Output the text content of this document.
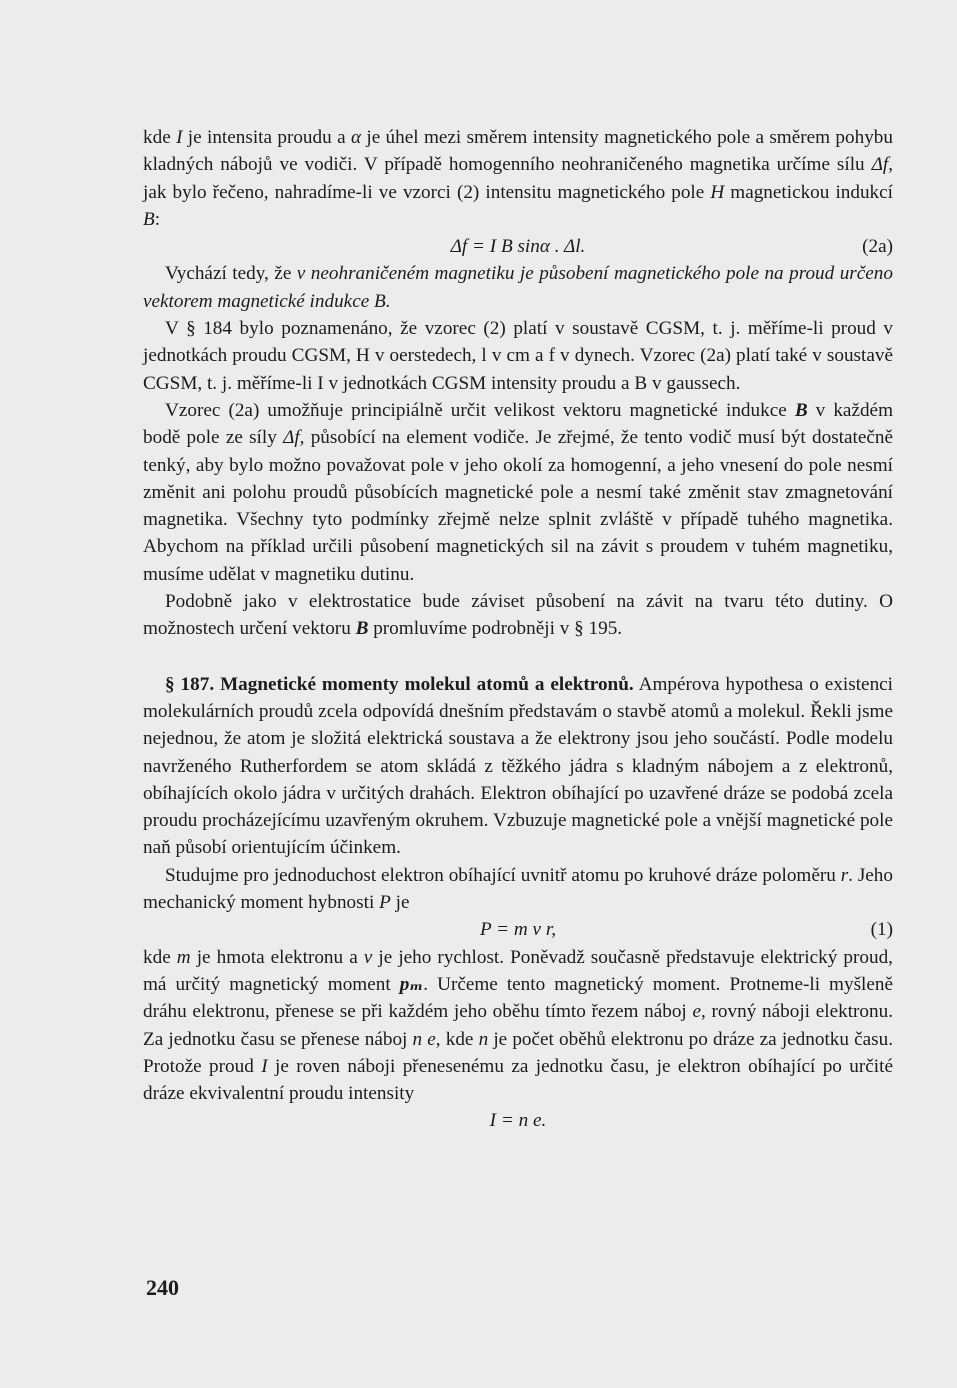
kde I je intensita proudu a α je úhel mezi směrem intensity magnetického pole a směrem pohybu kladných nábojů ve vodiči. V případě homogenního neohraničeného magnetika určíme sílu Δf, jak bylo řečeno, nahradíme-li ve vzorci (2) intensitu magnetického pole H magnetickou indukcí B:

Δf = I B sinα . Δl.	(2a)

Vychází tedy, že v neohraničeném magnetiku je působení magnetického pole na proud určeno vektorem magnetické indukce B.

V § 184 bylo poznamenáno, že vzorec (2) platí v soustavě CGSM, t. j. měříme-li proud v jednotkách proudu CGSM, H v oerstedech, l v cm a f v dynech. Vzorec (2a) platí také v soustavě CGSM, t. j. měříme-li I v jednotkách CGSM intensity proudu a B v gaussech.

Vzorec (2a) umožňuje principiálně určit velikost vektoru magnetické indukce B v každém bodě pole ze síly Δf, působící na element vodiče. Je zřejmé, že tento vodič musí být dostatečně tenký, aby bylo možno považovat pole v jeho okolí za homogenní, a jeho vnesení do pole nesmí změnit ani polohu proudů působících magnetické pole a nesmí také změnit stav zmagnetování magnetika. Všechny tyto podmínky zřejmě nelze splnit zvláště v případě tuhého magnetika. Abychom na příklad určili působení magnetických sil na závit s proudem v tuhém magnetiku, musíme udělat v magnetiku dutinu.

Podobně jako v elektrostatice bude záviset působení na závit na tvaru této dutiny. O možnostech určení vektoru B promluvíme podrobněji v § 195.

§ 187. Magnetické momenty molekul atomů a elektronů. Ampérova hypothesa o existenci molekulárních proudů zcela odpovídá dnešním představám o stavbě atomů a molekul. Řekli jsme nejednou, že atom je složitá elektrická soustava a že elektrony jsou jeho součástí. Podle modelu navrženého Rutherfordem se atom skládá z těžkého jádra s kladným nábojem a z elektronů, obíhajících okolo jádra v určitých drahách. Elektron obíhající po uzavřené dráze se podobá zcela proudu procházejícímu uzavřeným okruhem. Vzbuzuje magnetické pole a vnější magnetické pole naň působí orientujícím účinkem.

Studujme pro jednoduchost elektron obíhající uvnitř atomu po kruhové dráze poloměru r. Jeho mechanický moment hybnosti P je

P = m v r,	(1)

kde m je hmota elektronu a v je jeho rychlost. Poněvadž současně představuje elektrický proud, má určitý magnetický moment pₘ. Určeme tento magnetický moment. Protneme-li myšleně dráhu elektronu, přenese se při každém jeho oběhu tímto řezem náboj e, rovný náboji elektronu. Za jednotku času se přenese náboj n e, kde n je počet oběhů elektronu po dráze za jednotku času. Protože proud I je roven náboji přenesenému za jednotku času, je elektron obíhající po určité dráze ekvivalentní proudu intensity

I = n e.

240
